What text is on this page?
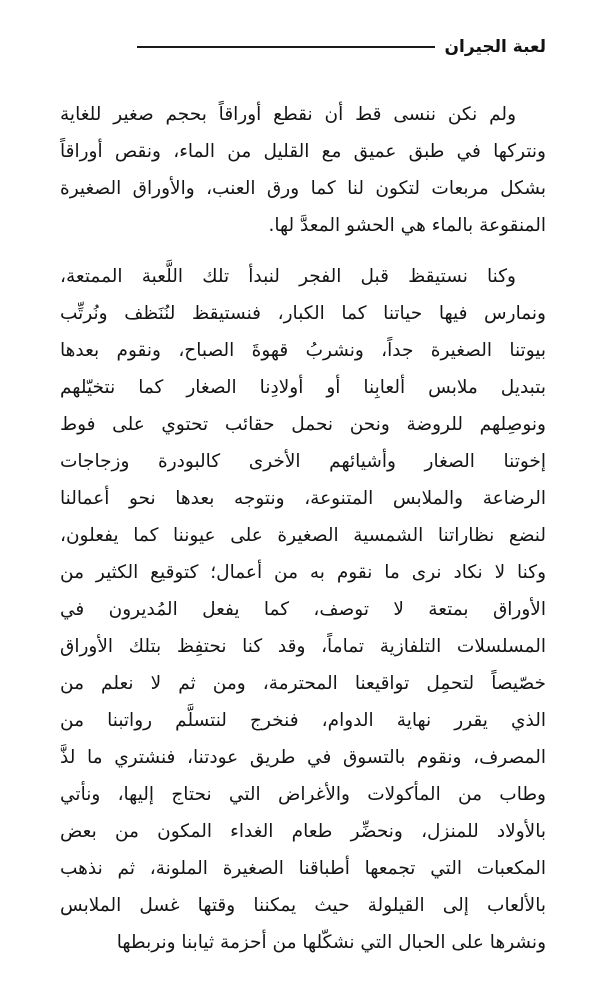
لعبة الجيران
ولم نكن ننسى قط أن نقطع أوراقاً بحجم صغير للغاية
ونتركها في طبق عميق مع القليل من الماء، ونقص أوراقاً
بشكل مربعات لتكون لنا كما ورق العنب، والأوراق الصغيرة
المنقوعة بالماء هي الحشو المعدَّ لها.
وكنا نستيقظ قبل الفجر لنبدأ تلك اللَّعبة الممتعة،
ونمارس فيها حياتنا كما الكبار، فنستيقظ لنُنَظف ونُرتِّب
بيوتنا الصغيرة جداً، ونشربُ قهوةَ الصباح، ونقوم بعدها
بتبديل ملابس ألعابِنا أو أولادِنا الصغار كما نتخيّلهم
ونوصِلهم للروضة ونحن نحمل حقائب تحتوي على فوط
إخوتنا الصغار وأشيائهم الأخرى كالبودرة وزجاجات
الرضاعة والملابس المتنوعة، ونتوجه بعدها نحو أعمالنا
لنضع نظاراتنا الشمسية الصغيرة على عيوننا كما يفعلون،
وكنا لا نكاد نرى ما نقوم به من أعمال؛ كتوقيع الكثير من
الأوراق بمتعة لا توصف، كما يفعل المُديرون في
المسلسلات التلفازية تماماً، وقد كنا نحتفِظ بتلك الأوراق
خصّيصاً لتحمِل تواقيعنا المحترمة، ومن ثم لا نعلم من
الذي يقرر نهاية الدوام، فنخرج لنتسلَّم رواتبنا من
المصرف، ونقوم بالتسوق في طريق عودتنا، فنشتري ما لذَّ
وطاب من المأكولات والأغراض التي نحتاج إليها، ونأتي
بالأولاد للمنزل، ونحضِّر طعام الغداء المكون من بعض
المكعبات التي تجمعها أطباقنا الصغيرة الملونة، ثم نذهب
بالألعاب إلى القيلولة حيث يمكننا وقتها غسل الملابس
ونشرها على الحبال التي نشكّلها من أحزمة ثيابنا ونربطها
